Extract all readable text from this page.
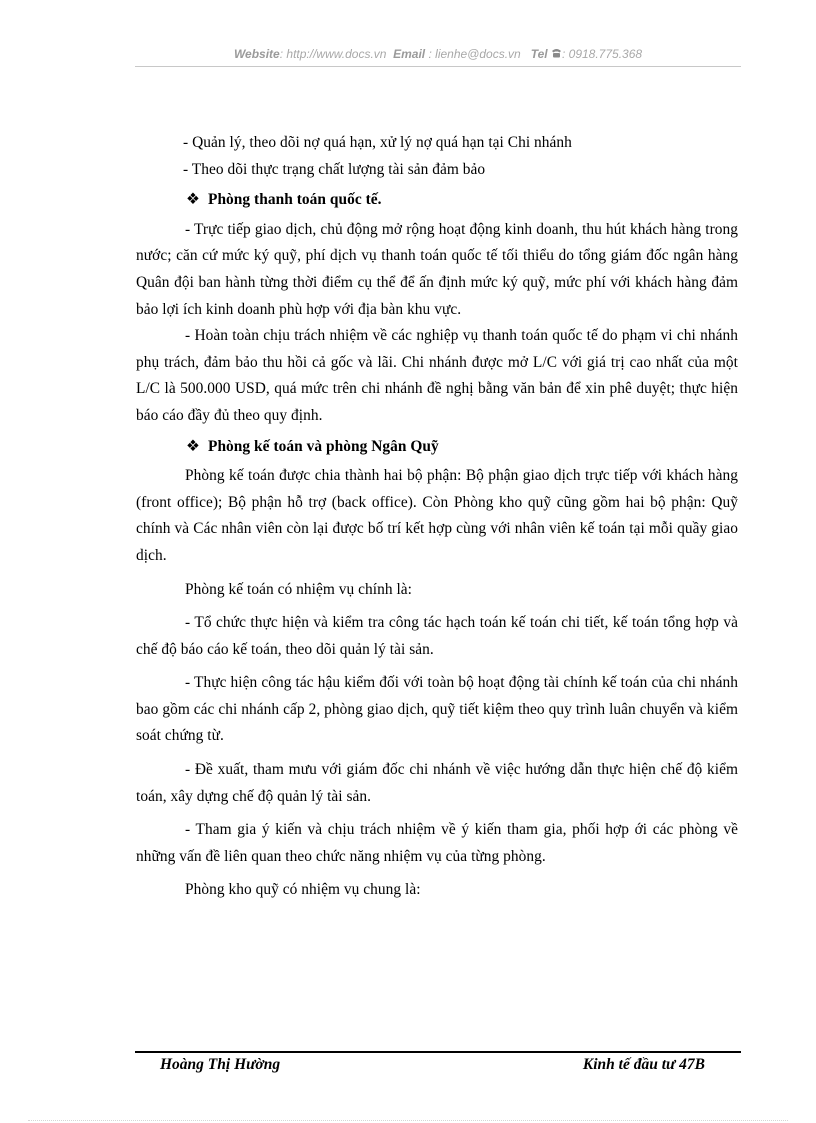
Website: http://www.docs.vn Email : lienhe@docs.vn Tel : 0918.775.368

- Quản lý, theo dõi nợ quá hạn, xử lý nợ quá hạn tại Chi nhánh

- Theo dõi thực trạng chất lượng tài sản đảm bảo

❖ Phòng thanh toán quốc tế.

- Trực tiếp giao dịch, chủ động mở rộng hoạt động kinh doanh, thu hút khách hàng trong nước; căn cứ mức ký quỹ, phí dịch vụ thanh toán quốc tế tối thiểu do tổng giám đốc ngân hàng Quân đội ban hành từng thời điểm cụ thể để ấn định mức ký quỹ, mức phí với khách hàng đảm bảo lợi ích kinh doanh phù hợp với địa bàn khu vực.

- Hoàn toàn chịu trách nhiệm về các nghiệp vụ thanh toán quốc tế do phạm vi chi nhánh phụ trách, đảm bảo thu hồi cả gốc và lãi. Chi nhánh được mở L/C với giá trị cao nhất của một L/C là 500.000 USD, quá mức trên chi nhánh đề nghị bằng văn bản để xin phê duyệt; thực hiện báo cáo đầy đủ theo quy định.

❖ Phòng kế toán và phòng Ngân Quỹ

Phòng kế toán được chia thành hai bộ phận: Bộ phận giao dịch trực tiếp với khách hàng (front office); Bộ phận hỗ trợ (back office). Còn Phòng kho quỹ cũng gồm hai bộ phận: Quỹ chính và Các nhân viên còn lại được bố trí kết hợp cùng với nhân viên kế toán tại mỗi quầy giao dịch.

Phòng kế toán có nhiệm vụ chính là:

- Tổ chức thực hiện và kiểm tra công tác hạch toán kế toán chi tiết, kế toán tổng hợp và chế độ báo cáo kế toán, theo dõi quản lý tài sản.

- Thực hiện công tác hậu kiểm đối với toàn bộ hoạt động tài chính kế toán của chi nhánh bao gồm các chi nhánh cấp 2, phòng giao dịch, quỹ tiết kiệm theo quy trình luân chuyển và kiểm soát chứng từ.

- Đề xuất, tham mưu với giám đốc chi nhánh về việc hướng dẫn thực hiện chế độ kiểm toán, xây dựng chế độ quản lý tài sản.

- Tham gia ý kiến và chịu trách nhiệm về ý kiến tham gia, phối hợp ới các phòng về những vấn đề liên quan theo chức năng nhiệm vụ của từng phòng.

Phòng kho quỹ có nhiệm vụ chung là:

Hoàng Thị Hường	Kinh tế đầu tư 47B
